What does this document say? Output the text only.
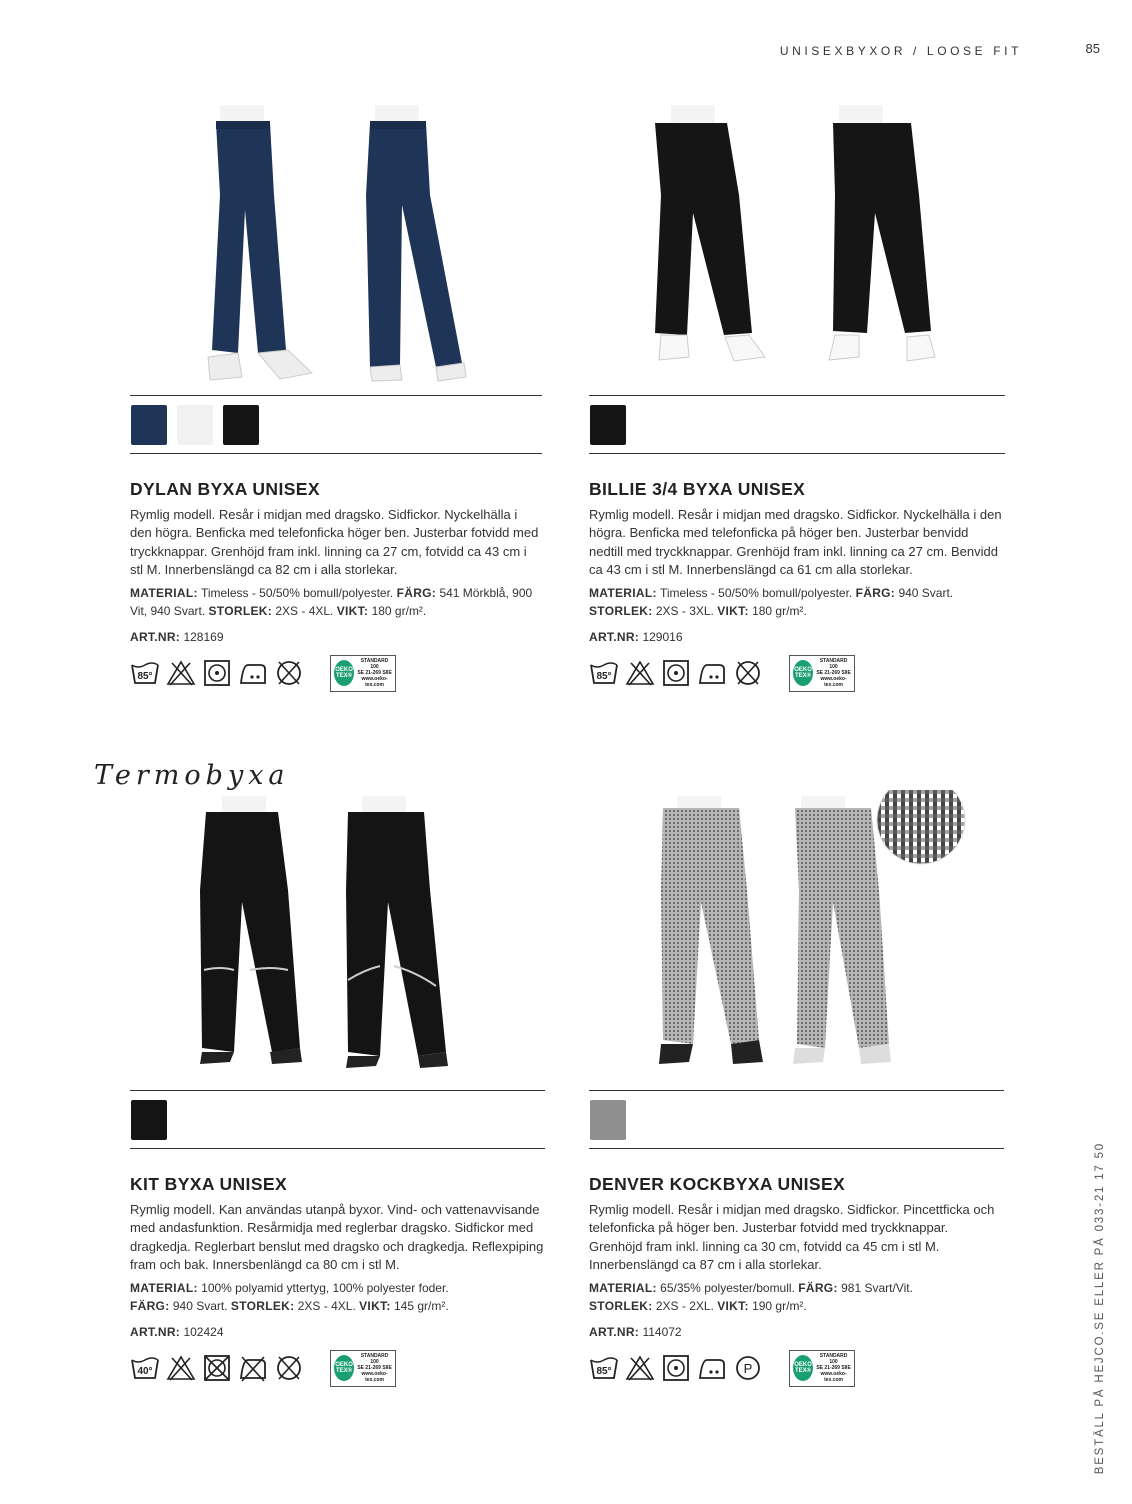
UNISEXBYXOR / LOOSE FIT	85
BESTÄLL PÅ HEJCO.SE ELLER PÅ 033-21 17 50
DYLAN BYXA UNISEX
Rymlig modell. Resår i midjan med dragsko. Sidfickor. Nyckelhälla i den högra. Benficka med telefonficka höger ben. Justerbar fotvidd med tryckknappar. Grenhöjd fram inkl. linning ca 27 cm, fotvidd ca 43 cm i stl M. Innerbenslängd ca 82 cm i alla storlekar.
MATERIAL: Timeless - 50/50% bomull/polyester. FÄRG: 541 Mörkblå, 900 Vit, 940 Svart. STORLEK: 2XS - 4XL. VIKT: 180 gr/m².
ART.NR: 128169
85°
OEKO TEX®
STANDARD 100
SE 21-269 SIIE
www.oeko-tex.com
BILLIE 3/4 BYXA UNISEX
Rymlig modell. Resår i midjan med dragsko. Sidfickor. Nyckelhälla i den högra. Benficka med telefonficka på höger ben. Justerbar benvidd nedtill med tryckknappar. Grenhöjd fram inkl. linning ca 27 cm. Benvidd ca 43 cm i stl M. Innerbenslängd ca 61 cm alla storlekar.
MATERIAL: Timeless - 50/50% bomull/polyester. FÄRG: 940 Svart. STORLEK: 2XS - 3XL. VIKT: 180 gr/m².
ART.NR: 129016
85°
OEKO TEX®
STANDARD 100
SE 21-269 SIIE
www.oeko-tex.com
Termobyxa
KIT BYXA UNISEX
Rymlig modell. Kan användas utanpå byxor. Vind- och vattenavvisande med andasfunktion. Resårmidja med reglerbar dragsko. Sidfickor med dragkedja. Reglerbart benslut med dragsko och dragkedja. Reflexpiping fram och bak. Innersbenlängd ca 80 cm i stl M.
MATERIAL: 100% polyamid yttertyg, 100% polyester foder.
FÄRG: 940 Svart. STORLEK: 2XS - 4XL. VIKT: 145 gr/m².
ART.NR: 102424
40°
OEKO TEX®
STANDARD 100
SE 21-269 SIIE
www.oeko-tex.com
DENVER KOCKBYXA UNISEX
Rymlig modell. Resår i midjan med dragsko. Sidfickor. Pincettficka och telefonficka på höger ben. Justerbar fotvidd med tryckknappar. Grenhöjd fram inkl. linning ca 30 cm, fotvidd ca 45 cm i stl M. Innerbenslängd ca 87 cm i alla storlekar.
MATERIAL: 65/35% polyester/bomull. FÄRG: 981 Svart/Vit.
STORLEK: 2XS - 2XL. VIKT: 190 gr/m².
ART.NR: 114072
85°	P	OEKO TEX®
STANDARD 100
SE 21-269 SIIE
www.oeko-tex.com
